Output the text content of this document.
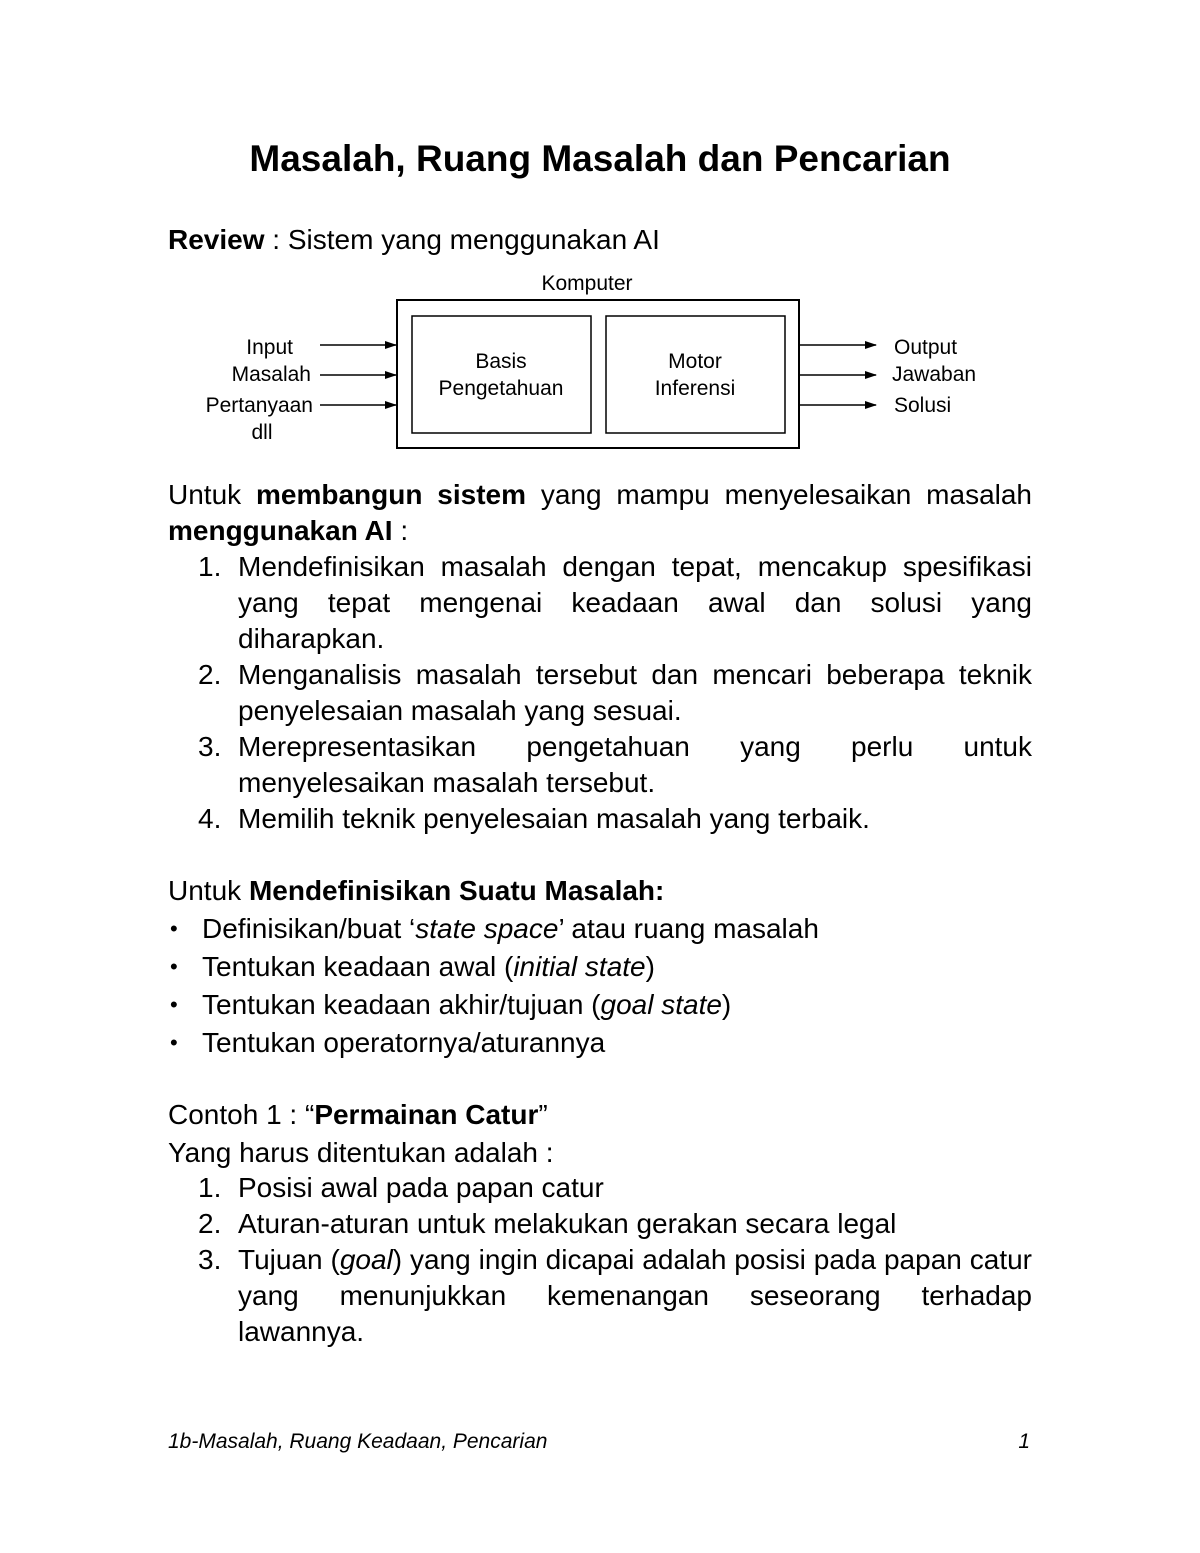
Masalah, Ruang Masalah dan Pencarian
Review : Sistem yang menggunakan AI
Komputer
Basis
Pengetahuan
Motor
Inferensi
Input
Masalah
Pertanyaan
dll
Output
Jawaban
Solusi
Untuk membangun sistem yang mampu menyelesaikan masalah menggunakan AI :
1. Mendefinisikan masalah dengan tepat, mencakup spesifikasi yang tepat mengenai keadaan awal dan solusi yang diharapkan.
2. Menganalisis masalah tersebut dan mencari beberapa teknik penyelesaian masalah yang sesuai.
3. Merepresentasikan pengetahuan yang perlu untuk menyelesaikan masalah tersebut.
4. Memilih teknik penyelesaian masalah yang terbaik.
Untuk Mendefinisikan Suatu Masalah:
• Definisikan/buat ‘state space’ atau ruang masalah
• Tentukan keadaan awal (initial state)
• Tentukan keadaan akhir/tujuan (goal state)
• Tentukan operatornya/aturannya
Contoh 1 : “Permainan Catur”
Yang harus ditentukan adalah :
1. Posisi awal pada papan catur
2. Aturan-aturan untuk melakukan gerakan secara legal
3. Tujuan (goal) yang ingin dicapai adalah posisi pada papan catur yang menunjukkan kemenangan seseorang terhadap lawannya.
1b-Masalah, Ruang Keadaan, Pencarian	1
